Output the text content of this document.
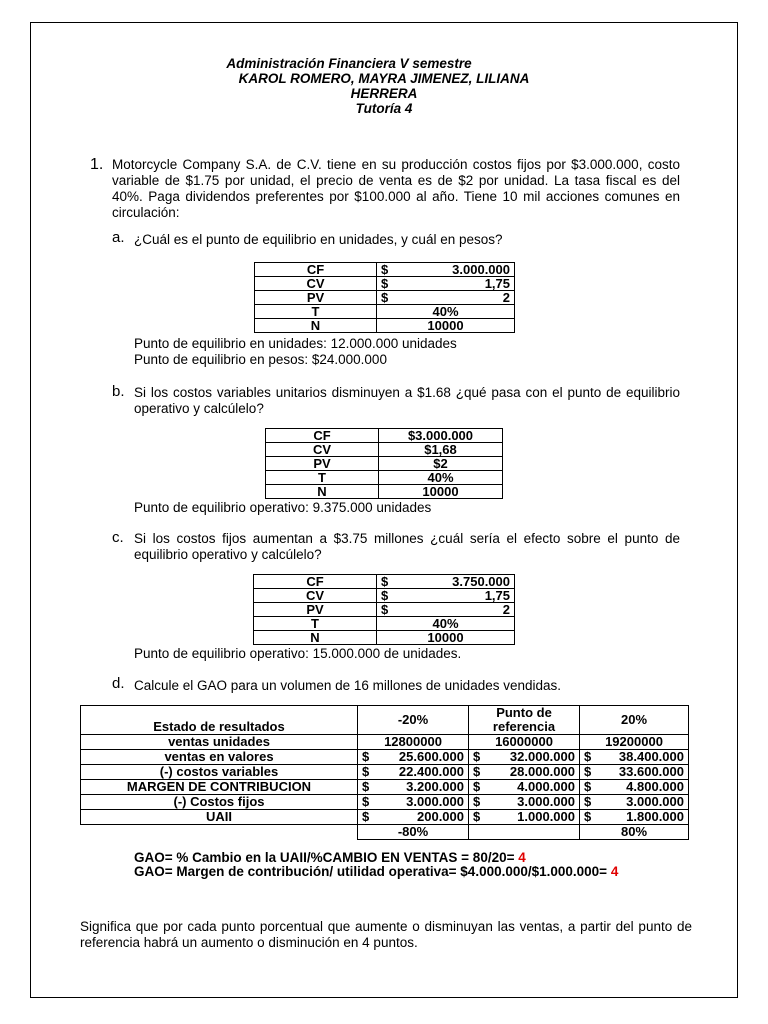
Administración Financiera V semestre
KAROL ROMERO, MAYRA JIMENEZ, LILIANA
HERRERA
Tutoría 4
1. Motorcycle Company S.A. de C.V. tiene en su producción costos fijos por $3.000.000, costo variable de $1.75 por unidad, el precio de venta es de $2 por unidad. La tasa fiscal es del 40%. Paga dividendos preferentes por $100.000 al año. Tiene 10 mil acciones comunes en circulación:
a. ¿Cuál es el punto de equilibrio en unidades, y cuál en pesos?
CF	$ 3.000.000

CV	$ 1,75

PV	$ 2

T	40%
N	10000
Punto de equilibrio en unidades: 12.000.000 unidades
Punto de equilibrio en pesos: $24.000.000
b. Si los costos variables unitarios disminuyen a $1.68 ¿qué pasa con el punto de equilibrio operativo y calcúlelo?
CF	$3.000.000
CV	$1,68
PV	$2
T	40%
N	10000
Punto de equilibrio operativo: 9.375.000 unidades
c. Si los costos fijos aumentan a $3.75 millones ¿cuál sería el efecto sobre el punto de equilibrio operativo y calcúlelo?
CF	$ 3.750.000

CV	$ 1,75

PV	$ 2

T	40%
N	10000
Punto de equilibrio operativo: 15.000.000 de unidades.
d. Calcule el GAO para un volumen de 16 millones de unidades vendidas.
Estado de resultados	-20%	Punto de referencia	20%
ventas unidades	12800000	16000000	19200000
ventas en valores	$ 25.600.000	$ 32.000.000	$ 38.400.000

(-) costos variables	$ 22.400.000	$ 28.000.000	$ 33.600.000

MARGEN DE CONTRIBUCION	$ 3.200.000	$ 4.000.000	$ 4.800.000

(-) Costos fijos	$ 3.000.000	$ 3.000.000	$ 3.000.000

UAII	$ 200.000	$ 1.000.000	$ 1.800.000

	-80%		80%
GAO= % Cambio en la UAII/%CAMBIO EN VENTAS = 80/20= 4
GAO= Margen de contribución/ utilidad operativa= $4.000.000/$1.000.000= 4
Significa que por cada punto porcentual que aumente o disminuyan las ventas, a partir del punto de referencia habrá un aumento o disminución en 4 puntos.
